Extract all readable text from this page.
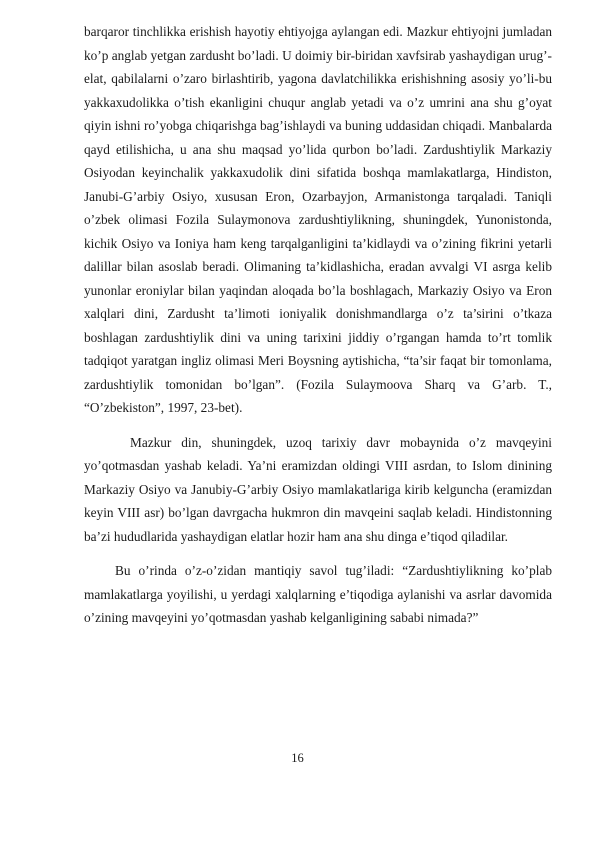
barqaror tinchlikka erishish hayotiy ehtiyojga aylangan edi. Mazkur ehtiyojni jumladan ko’p anglab yetgan zardusht bo’ladi. U doimiy bir-biridan xavfsirab yashaydigan urug’-elat, qabilalarni o’zaro birlashtirib, yagona davlatchilikka erishishning asosiy yo’li-bu yakkaxudolikka o’tish ekanligini chuqur anglab yetadi va o’z umrini ana shu g’oyat qiyin ishni ro’yobga chiqarishga bag’ishlaydi va buning uddasidan chiqadi. Manbalarda qayd etilishicha, u ana shu maqsad yo’lida qurbon bo’ladi. Zardushtiylik Markaziy Osiyodan keyinchalik yakkaxudolik dini sifatida boshqa mamlakatlarga, Hindiston, Janubi-G’arbiy Osiyo, xususan Eron, Ozarbayjon, Armanistonga tarqaladi. Taniqli o’zbek olimasi Fozila Sulaymonova zardushtiylikning, shuningdek, Yunonistonda, kichik Osiyo va Ioniya ham keng tarqalganligini ta’kidlaydi va o’zining fikrini yetarli dalillar bilan asoslab beradi. Olimaning ta’kidlashicha, eradan avvalgi VI asrga kelib yunonlar eroniylar bilan yaqindan aloqada bo’la boshlagach, Markaziy Osiyo va Eron xalqlari dini, Zardusht ta’limoti ioniyalik donishmandlarga o’z ta’sirini o’tkaza boshlagan zardushtiylik dini va uning tarixini jiddiy o’rgangan hamda to’rt tomlik tadqiqot yaratgan ingliz olimasi Meri Boysning aytishicha, “ta’sir faqat bir tomonlama, zardushtiylik tomonidan bo’lgan”. (Fozila Sulaymoova Sharq va G’arb. T., “O’zbekiston”, 1997, 23-bet).

Mazkur din, shuningdek, uzoq tarixiy davr mobaynida o’z mavqeyini yo’qotmasdan yashab keladi. Ya’ni eramizdan oldingi VIII asrdan, to Islom dinining Markaziy Osiyo va Janubiy-G’arbiy Osiyo mamlakatlariga kirib kelguncha (eramizdan keyin VIII asr) bo’lgan davrgacha hukmron din mavqeini saqlab keladi. Hindistonning ba’zi hududlarida yashaydigan elatlar hozir ham ana shu dinga e’tiqod qiladilar.

Bu o’rinda o’z-o’zidan mantiqiy savol tug’iladi: “Zardushtiylikning ko’plab mamlakatlarga yoyilishi, u yerdagi xalqlarning e’tiqodiga aylanishi va asrlar davomida o’zining mavqeyini yo’qotmasdan yashab kelganligining sababi nimada?”

16
